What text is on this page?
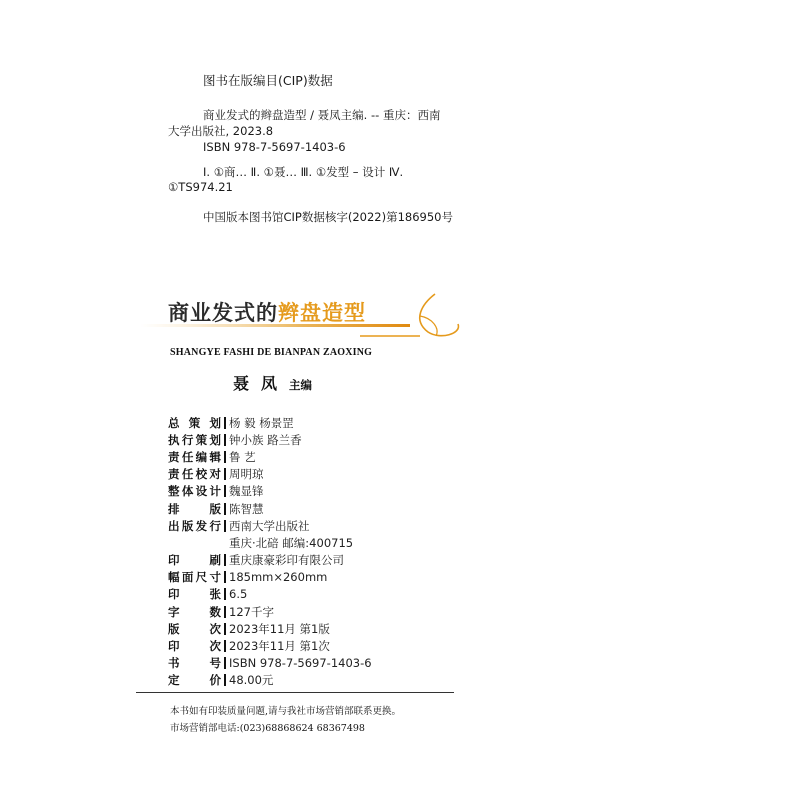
图书在版编目(CIP)数据
商业发式的辫盘造型 / 聂凤主编. -- 重庆：西南
大学出版社, 2023.8
ISBN 978-7-5697-1403-6
Ⅰ. ①商… Ⅱ. ①聂… Ⅲ. ①发型 – 设计 Ⅳ.
①TS974.21
中国版本图书馆CIP数据核字(2022)第186950号
商业发式的辫盘造型
SHANGYE FASHI DE BIANPAN ZAOXING
聂凤主编
总策划 杨 毅 杨景罡
执行策划 钟小族 路兰香
责任编辑 鲁 艺
责任校对 周明琼
整体设计 魏显锋
排版 陈智慧
出版发行 西南大学出版社
重庆·北碚 邮编:400715
印刷 重庆康豪彩印有限公司
幅面尺寸 185mm×260mm
印张 6.5
字数 127千字
版次 2023年11月 第1版
印次 2023年11月 第1次
书号 ISBN 978-7-5697-1403-6
定价 48.00元
本书如有印装质量问题,请与我社市场营销部联系更换。
市场营销部电话:(023)68868624 68367498
